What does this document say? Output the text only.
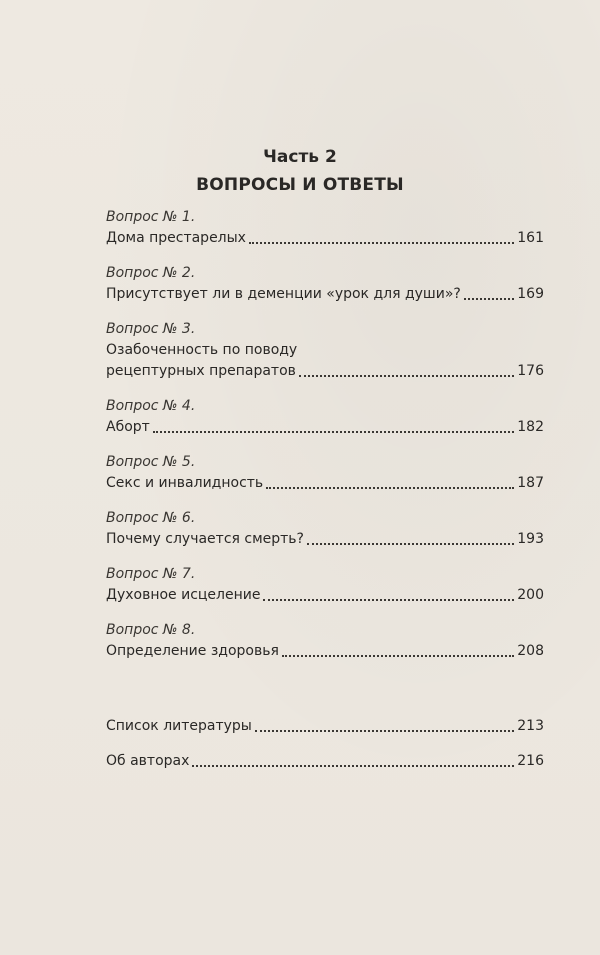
Часть 2
ВОПРОСЫ И ОТВЕТЫ
Вопрос № 1.
Дома престарелых	161
Вопрос № 2.
Присутствует ли в деменции «урок для души»?	169
Вопрос № 3.
Озабоченность по поводу
рецептурных препаратов	176
Вопрос № 4.
Аборт	182
Вопрос № 5.
Секс и инвалидность	187
Вопрос № 6.
Почему случается смерть?	193
Вопрос № 7.
Духовное исцеление	200
Вопрос № 8.
Определение здоровья	208
Список литературы	213
Об авторах	216
